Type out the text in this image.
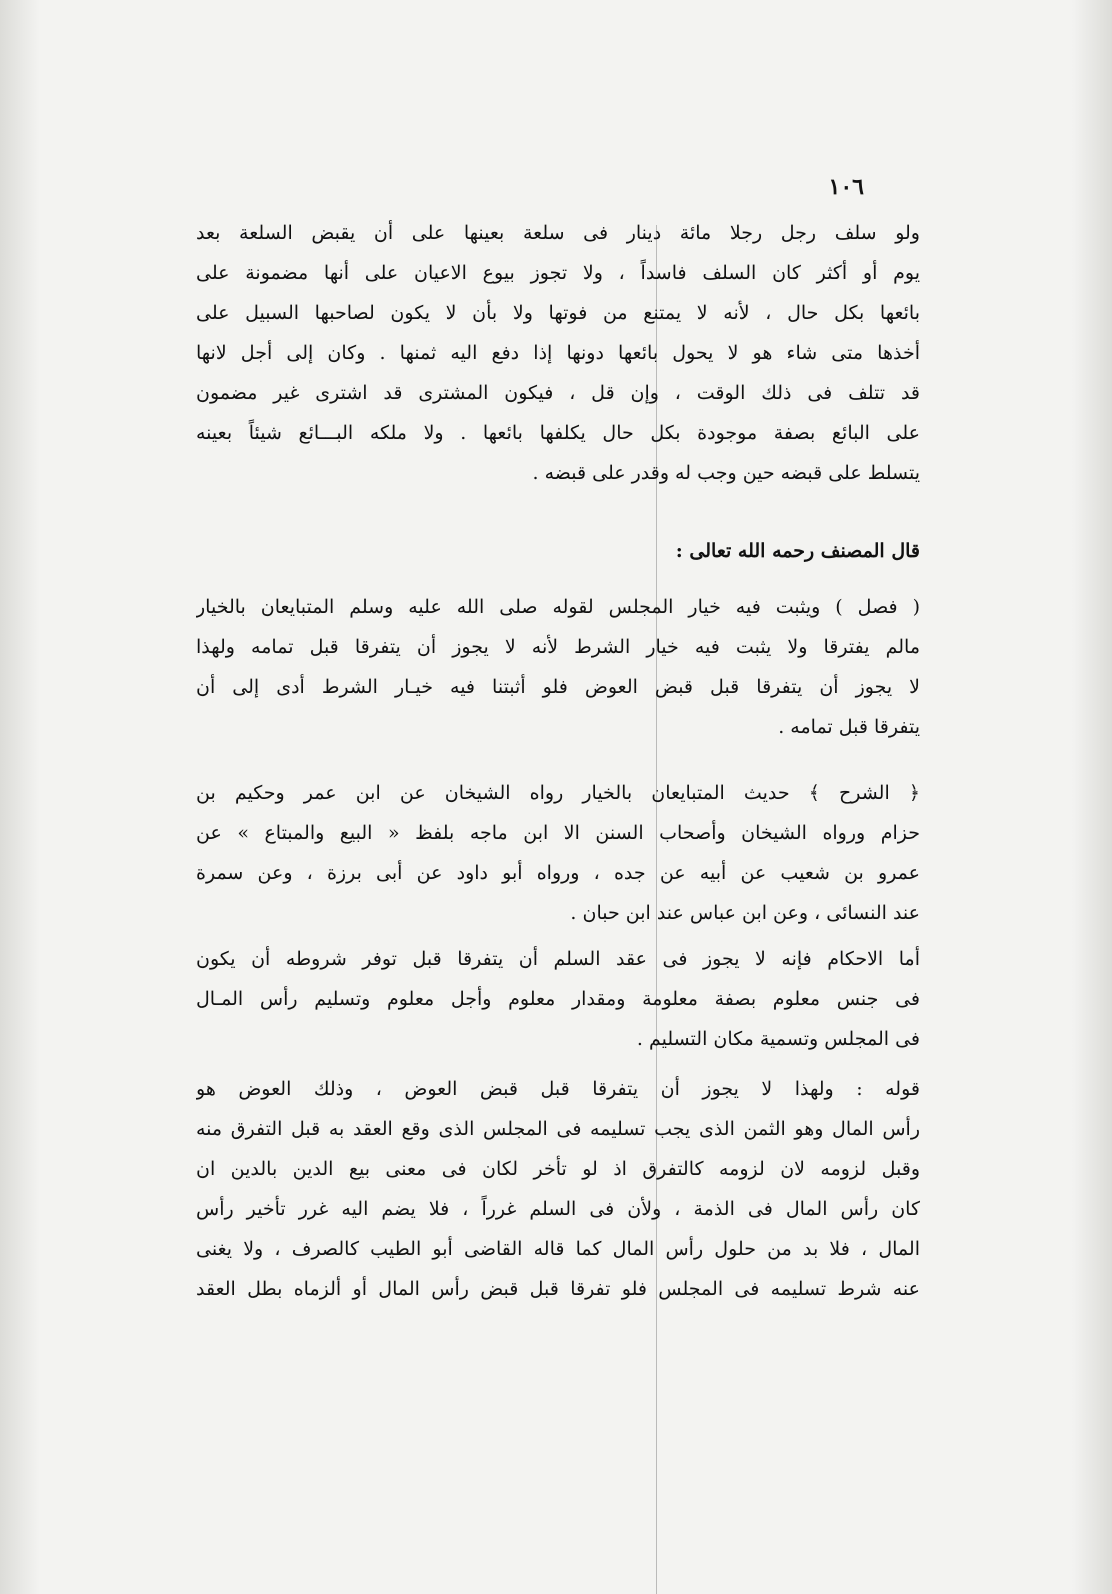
١٠٦
ولو سلف رجل رجلا مائة دينار فى سلعة بعينها على أن يقبض السلعة بعد
يوم أو أكثر كان السلف فاسداً ، ولا تجوز بيوع الاعيان على أنها مضمونة على
بائعها بكل حال ، لأنه لا يمتنع من فوتها ولا بأن لا يكون لصاحبها السبيل على
أخذها متى شاء هو لا يحول بائعها دونها إذا دفع اليه ثمنها . وكان إلى أجل لانها
قد تتلف فى ذلك الوقت ، وإن قل ، فيكون المشترى قد اشترى غير مضمون
على البائع بصفة موجودة بكل حال يكلفها بائعها . ولا ملكه البـــائع شيئاً بعينه
يتسلط على قبضه حين وجب له وقدر على قبضه .
قال المصنف رحمه الله تعالى :
( فصل ) ويثبت فيه خيار المجلس لقوله صلى الله عليه وسلم المتبايعان بالخيار
مالم يفترقا ولا يثبت فيه خيار الشرط لأنه لا يجوز أن يتفرقا قبل تمامه ولهذا
لا يجوز أن يتفرقا قبل قبض العوض فلو أثبتنا فيه خيـار الشرط أدى إلى أن
يتفرقا قبل تمامه .
﴿ الشرح ﴾ حديث المتبايعان بالخيار رواه الشيخان عن ابن عمر وحكيم بن
حزام ورواه الشيخان وأصحاب السنن الا ابن ماجه بلفظ « البيع والمبتاع » عن
عمرو بن شعيب عن أبيه عن جده ، ورواه أبو داود عن أبى برزة ، وعن سمرة
عند النسائى ، وعن ابن عباس عند ابن حبان .
أما الاحكام فإنه لا يجوز فى عقد السلم أن يتفرقا قبل توفر شروطه أن يكون
فى جنس معلوم بصفة معلومة ومقدار معلوم وأجل معلوم وتسليم رأس المـال
فى المجلس وتسمية مكان التسليم .
قوله : ولهذا لا يجوز أن يتفرقا قبل قبض العوض ، وذلك العوض هو
رأس المال وهو الثمن الذى يجب تسليمه فى المجلس الذى وقع العقد به قبل التفرق منه
وقبل لزومه لان لزومه كالتفرق اذ لو تأخر لكان فى معنى بيع الدين بالدين ان
كان رأس المال فى الذمة ، ولأن فى السلم غرراً ، فلا يضم اليه غرر تأخير رأس
المال ، فلا بد من حلول رأس المال كما قاله القاضى أبو الطيب كالصرف ، ولا يغنى
عنه شرط تسليمه فى المجلس فلو تفرقا قبل قبض رأس المال أو ألزماه بطل العقد
